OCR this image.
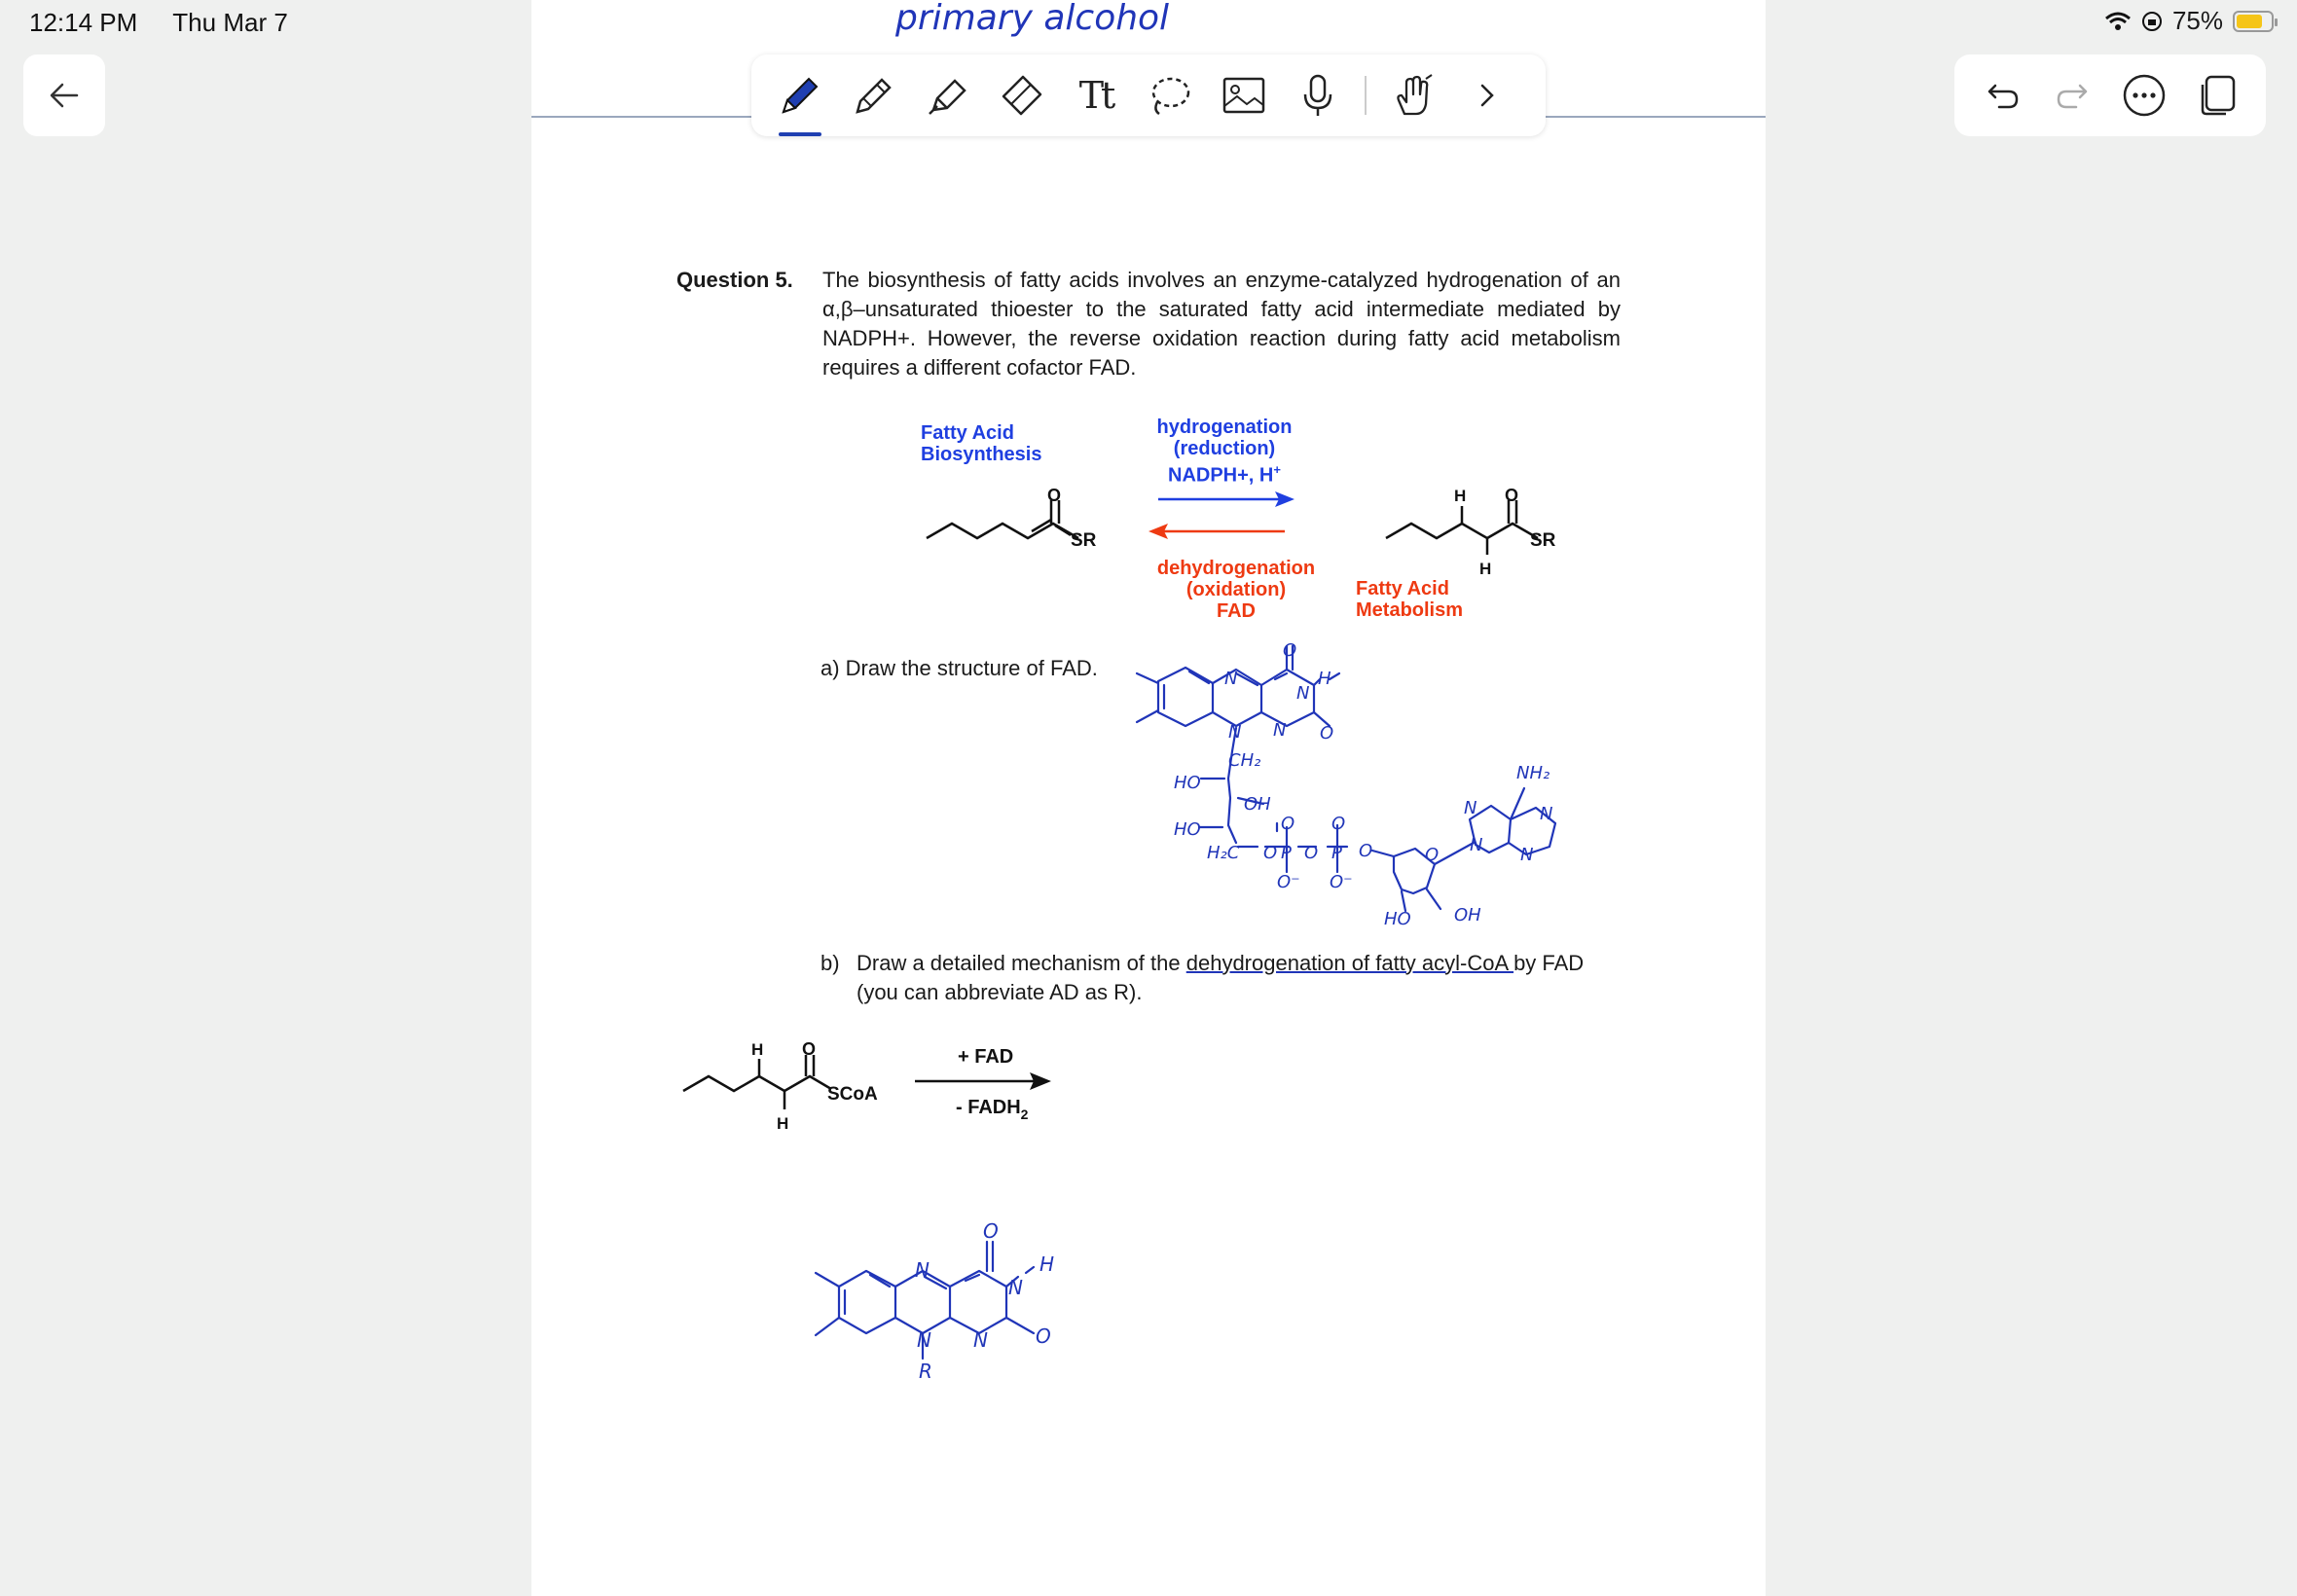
12:14 PM Thu Mar 7	75%
primary alcohol
Tt
Question 5. The biosynthesis of fatty acids involves an enzyme-catalyzed hydrogenation of an α,β–unsaturated thioester to the saturated fatty acid intermediate mediated by NADPH+. However, the reverse oxidation reaction during fatty acid metabolism requires a different cofactor FAD.
Fatty Acid
Biosynthesis
hydrogenation
(reduction)
NADPH+, H+
dehydrogenation
(oxidation)
FAD
Fatty Acid
Metabolism
O
SR
H O
H
SR
a) Draw the structure of FAD.	N
N N
N
O
O
H
CH₂
HO
OH
HO
H₂C O P O P
O O
O⁻ O⁻
O	O
HO OH
N
N N
N
NH₂
b) Draw a detailed mechanism of the dehydrogenation of fatty acyl-CoA by FAD
(you can abbreviate AD as R).
H O
H
SCoA
+ FAD
- $FADH_2$
N
N N
N
O
O
H
R
